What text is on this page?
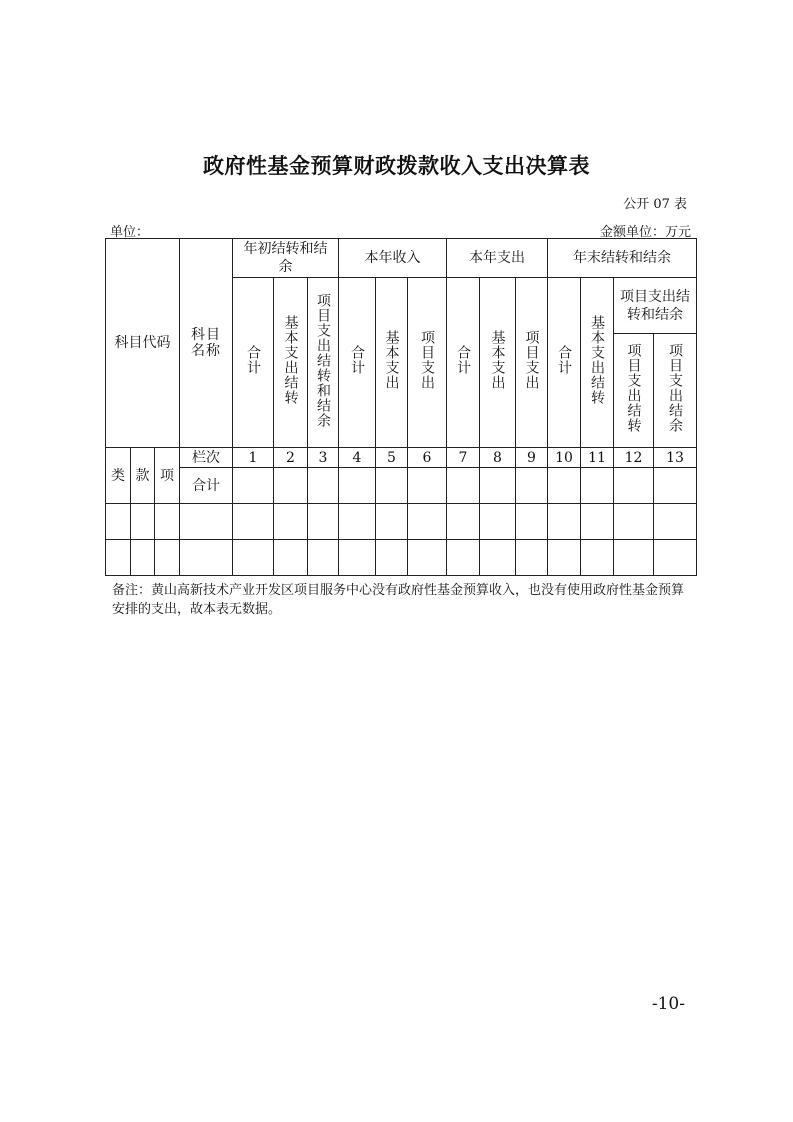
政府性基金预算财政拨款收入支出决算表
公开 07 表
单位：	金额单位：万元
科目代码			科目名称	年初结转和结余			本年收入			本年支出			年末结转和结余			
				合计	基本支出结转	项目支出结转和结余	合计	基本支出	项目支出	合计	基本支出	项目支出	合计	基本支出结转	项目支出结转和结余	
															项目支出结转	项目支出结余

类	款	项	栏次	1	2	3	4	5	6	7	8	9	10	11	12	13
			合计													

备注：黄山高新技术产业开发区项目服务中心没有政府性基金预算收入，也没有使用政府性基金预算安排的支出，故本表无数据。
-10-
